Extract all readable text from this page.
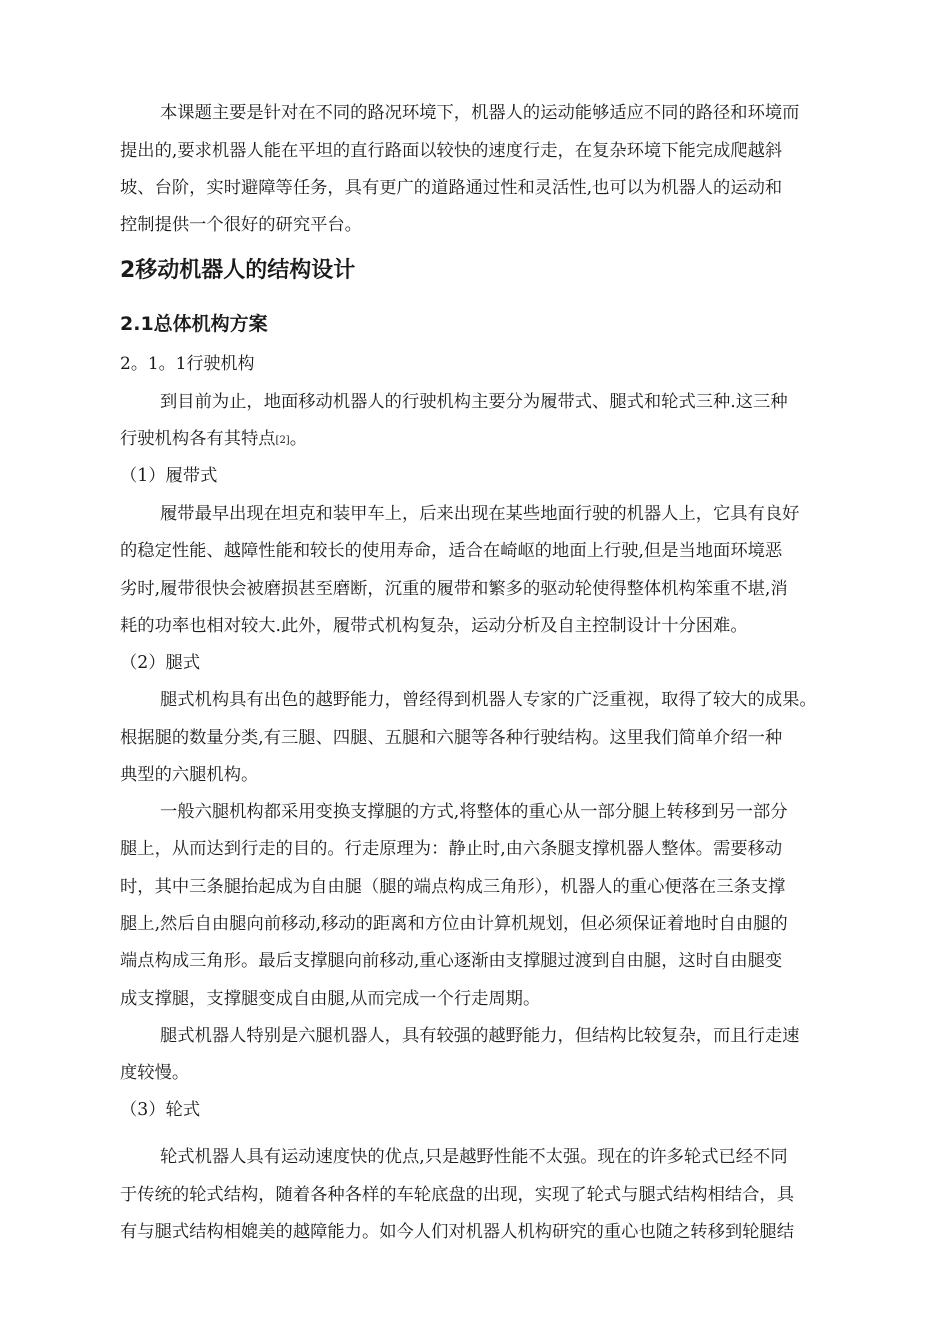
本课题主要是针对在不同的路况环境下，机器人的运动能够适应不同的路径和环境而
提出的,要求机器人能在平坦的直行路面以较快的速度行走，在复杂环境下能完成爬越斜
坡、台阶，实时避障等任务，具有更广的道路通过性和灵活性,也可以为机器人的运动和
控制提供一个很好的研究平台。
2移动机器人的结构设计
2.1总体机构方案
2。1。1行驶机构
到目前为止，地面移动机器人的行驶机构主要分为履带式、腿式和轮式三种.这三种
行驶机构各有其特点[2]。
（1）履带式
履带最早出现在坦克和装甲车上，后来出现在某些地面行驶的机器人上，它具有良好
的稳定性能、越障性能和较长的使用寿命，适合在崎岖的地面上行驶,但是当地面环境恶
劣时,履带很快会被磨损甚至磨断，沉重的履带和繁多的驱动轮使得整体机构笨重不堪,消
耗的功率也相对较大.此外，履带式机构复杂，运动分析及自主控制设计十分困难。
（2）腿式
腿式机构具有出色的越野能力，曾经得到机器人专家的广泛重视，取得了较大的成果。
根据腿的数量分类,有三腿、四腿、五腿和六腿等各种行驶结构。这里我们简单介绍一种
典型的六腿机构。
一般六腿机构都采用变换支撑腿的方式,将整体的重心从一部分腿上转移到另一部分
腿上，从而达到行走的目的。行走原理为：静止时,由六条腿支撑机器人整体。需要移动
时，其中三条腿抬起成为自由腿（腿的端点构成三角形），机器人的重心便落在三条支撑
腿上,然后自由腿向前移动,移动的距离和方位由计算机规划，但必须保证着地时自由腿的
端点构成三角形。最后支撑腿向前移动,重心逐渐由支撑腿过渡到自由腿，这时自由腿变
成支撑腿，支撑腿变成自由腿,从而完成一个行走周期。
腿式机器人特别是六腿机器人，具有较强的越野能力，但结构比较复杂，而且行走速
度较慢。
（3）轮式
轮式机器人具有运动速度快的优点,只是越野性能不太强。现在的许多轮式已经不同
于传统的轮式结构，随着各种各样的车轮底盘的出现，实现了轮式与腿式结构相结合，具
有与腿式结构相媲美的越障能力。如今人们对机器人机构研究的重心也随之转移到轮腿结
